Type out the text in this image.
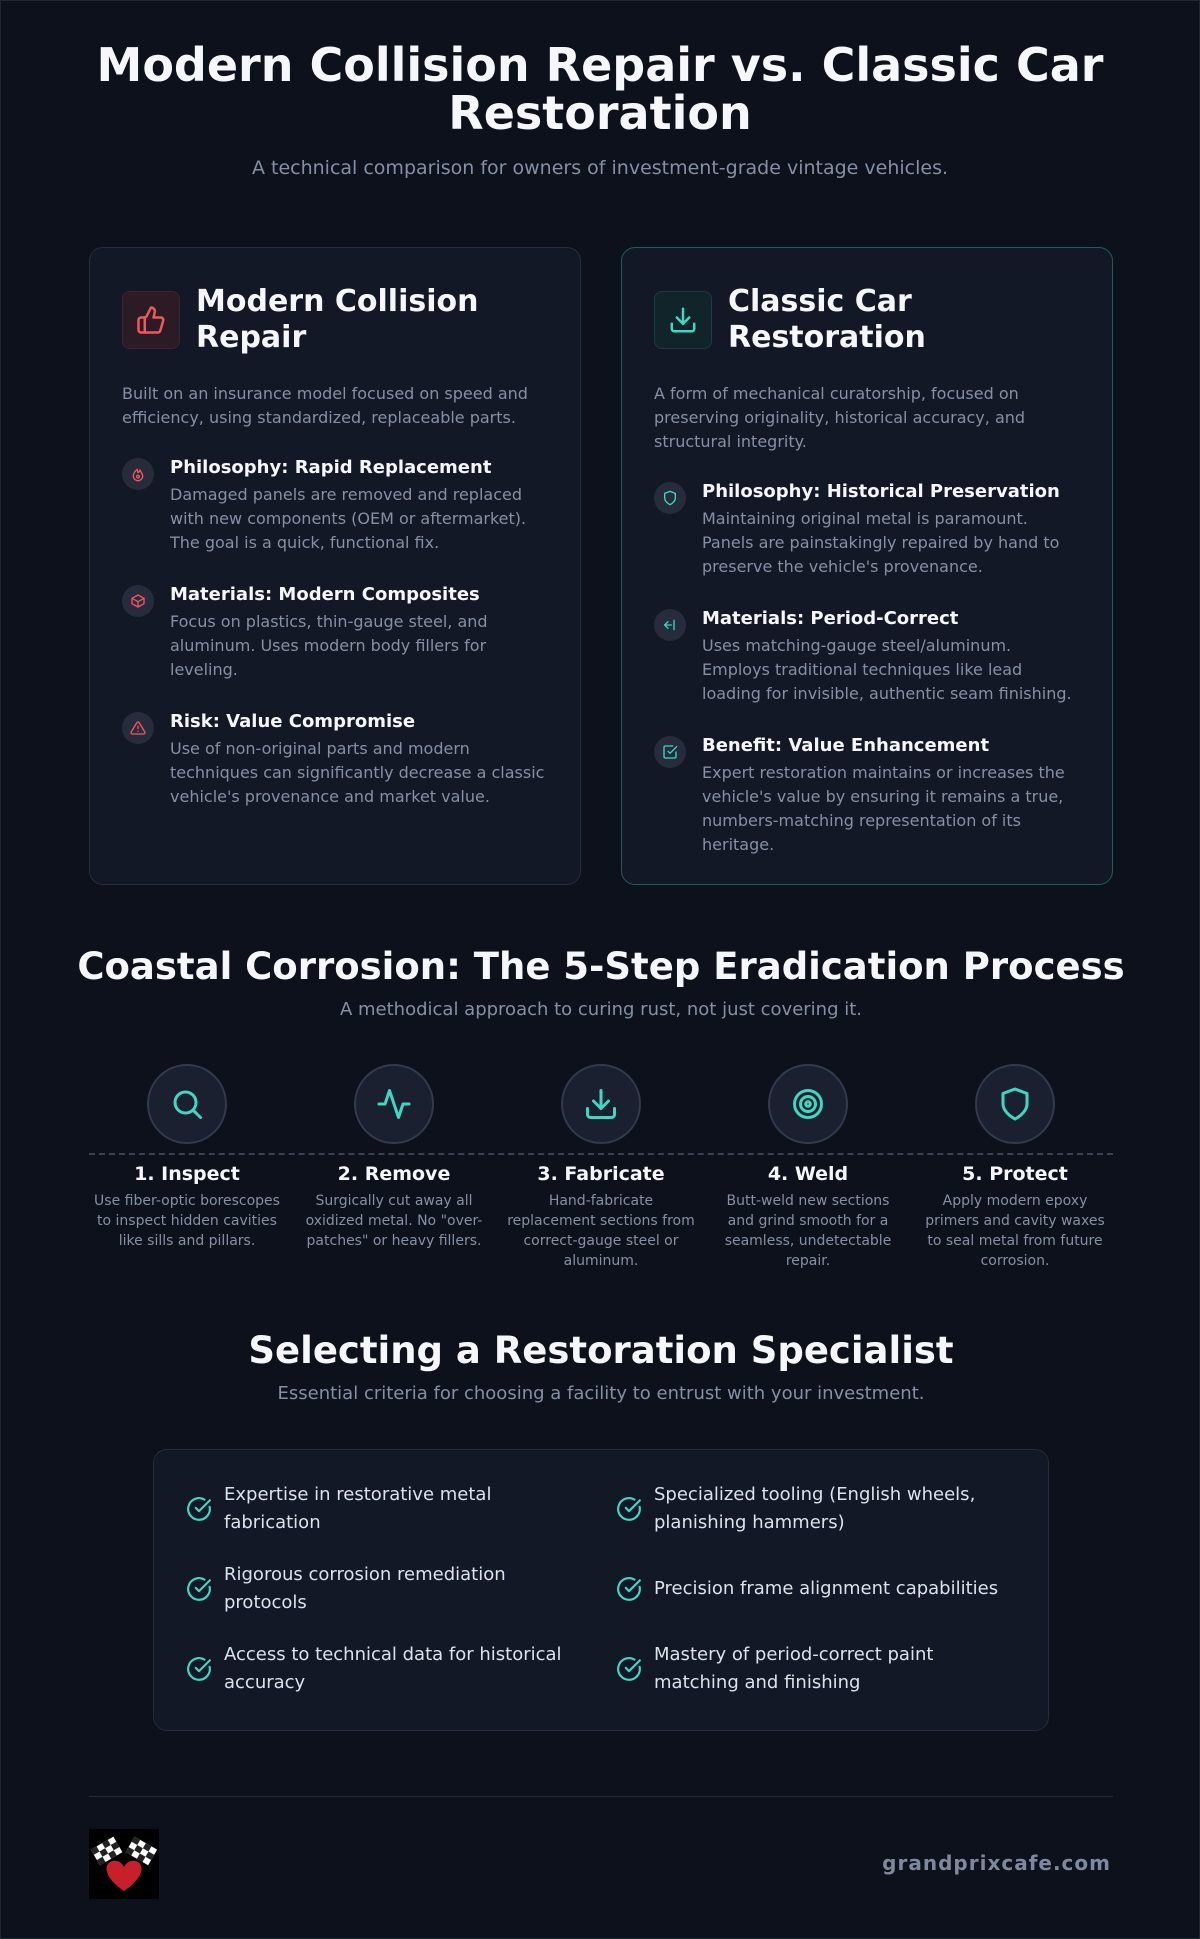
Modern Collision Repair vs. Classic Car Restoration

A technical comparison for owners of investment-grade vintage vehicles.

Modern Collision Repair

Built on an insurance model focused on speed and efficiency, using standardized, replaceable parts.

Philosophy: Rapid Replacement
Damaged panels are removed and replaced with new components (OEM or aftermarket). The goal is a quick, functional fix.
Materials: Modern Composites
Focus on plastics, thin-gauge steel, and aluminum. Uses modern body fillers for leveling.
Risk: Value Compromise
Use of non-original parts and modern techniques can significantly decrease a classic vehicle's provenance and market value.
Classic Car Restoration

A form of mechanical curatorship, focused on preserving originality, historical accuracy, and structural integrity.

Philosophy: Historical Preservation
Maintaining original metal is paramount. Panels are painstakingly repaired by hand to preserve the vehicle's provenance.
Materials: Period-Correct
Uses matching-gauge steel/aluminum. Employs traditional techniques like lead loading for invisible, authentic seam finishing.
Benefit: Value Enhancement
Expert restoration maintains or increases the vehicle's value by ensuring it remains a true, numbers-matching representation of its heritage.
Coastal Corrosion: The 5-Step Eradication Process

A methodical approach to curing rust, not just covering it.

1. Inspect
Use fiber-optic borescopes to inspect hidden cavities like sills and pillars.
2. Remove
Surgically cut away all oxidized metal. No "over-patches" or heavy fillers.
3. Fabricate
Hand-fabricate replacement sections from correct-gauge steel or aluminum.
4. Weld
Butt-weld new sections and grind smooth for a seamless, undetectable repair.
5. Protect
Apply modern epoxy primers and cavity waxes to seal metal from future corrosion.
Selecting a Restoration Specialist

Essential criteria for choosing a facility to entrust with your investment.

Expertise in restorative metal fabrication
Specialized tooling (English wheels, planishing hammers)
Rigorous corrosion remediation protocols
Precision frame alignment capabilities
Access to technical data for historical accuracy
Mastery of period-correct paint matching and finishing
grandprixcafe.com
